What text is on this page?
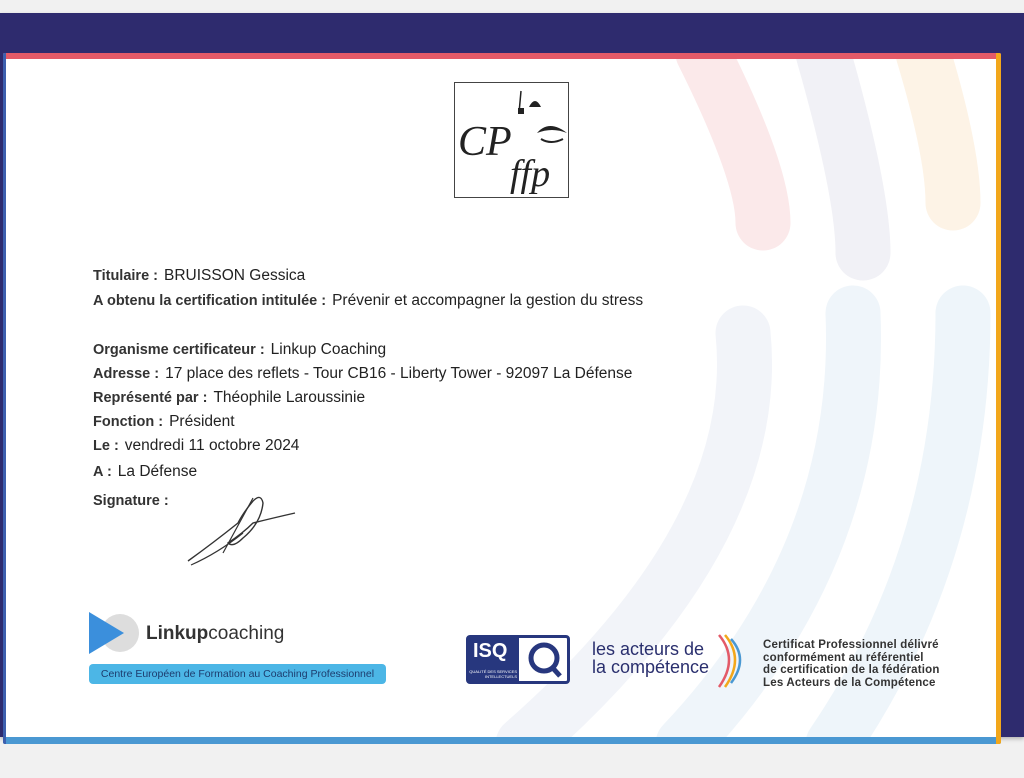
CP
ffp
Titulaire : BRUISSON Gessica
A obtenu la certification intitulée : Prévenir et accompagner la gestion du stress
Organisme certificateur : Linkup Coaching
Adresse : 17 place des reflets - Tour CB16 - Liberty Tower - 92097 La Défense
Représenté par : Théophile Laroussinie
Fonction : Président
Le : vendredi 11 octobre 2024
A : La Défense
Signature :
Linkupcoaching
Centre Européen de Formation au Coaching Professionnel
ISQ
QUALITÉ DES SERVICES INTELLECTUELS
les acteurs de
la compétence
Certificat Professionnel délivré
conformément au référentiel
de certification de la fédération
Les Acteurs de la Compétence
